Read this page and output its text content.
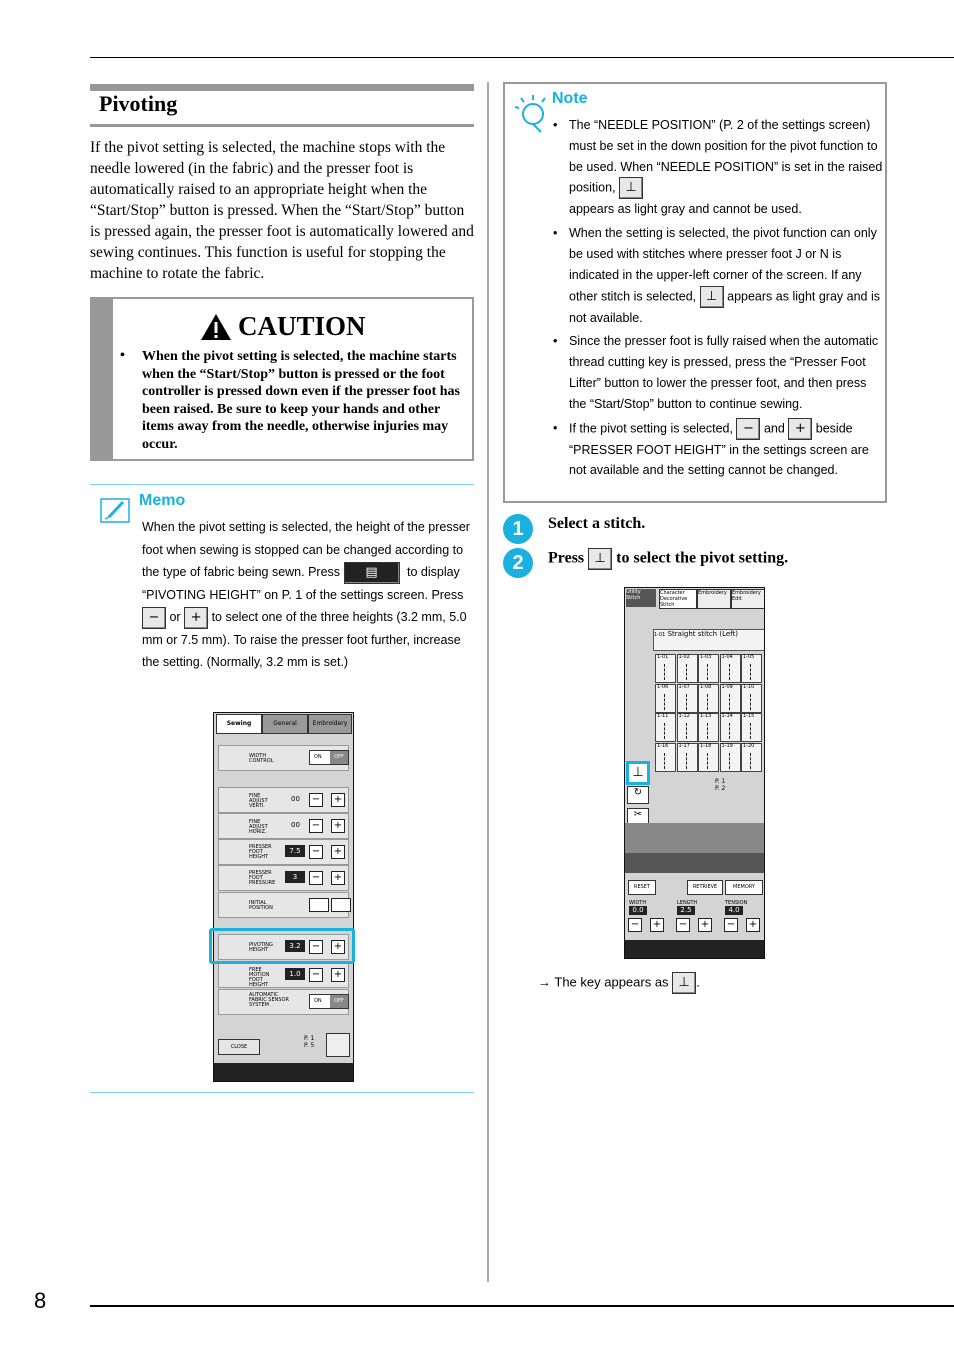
Pivoting
If the pivot setting is selected, the machine stops with the needle lowered (in the fabric) and the presser foot is automatically raised to an appropriate height when the “Start/Stop” button is pressed. When the “Start/Stop” button is pressed again, the presser foot is automatically lowered and sewing continues. This function is useful for stopping the machine to rotate the fabric.
CAUTION
• When the pivot setting is selected, the machine starts when the “Start/Stop” button is pressed or the foot controller is pressed down even if the presser foot has been raised. Be sure to keep your hands and other items away from the needle, otherwise injuries may occur.
Memo
When the pivot setting is selected, the height of the presser foot when sewing is stopped can be changed according to the type of fabric being sewn. Press ▤ to display “PIVOTING HEIGHT” on P. 1 of the settings screen. Press − or + to select one of the three heights (3.2 mm, 5.0 mm or 7.5 mm). To raise the presser foot further, increase the setting. (Normally, 3.2 mm is set.)
Sewing	General	Embroidery
WIDTH CONTROL
ON	OFF
FINE ADJUST VERTI.
00 − +
FINE ADJUST HORIZ.
00 − +
PRESSER FOOT HEIGHT
7.5	− +
PRESSER FOOT PRESSURE
3	− +
INITIAL POSITION
PIVOTING HEIGHT	3.2	− +
FREE MOTION FOOT HEIGHT
1.0	− +
AUTOMATIC FABRIC SENSOR SYSTEM
ON	OFF
CLOSE
P. 1
P. 5
Note
• The “NEEDLE POSITION” (P. 2 of the settings screen) must be set in the down position for the pivot function to be used. When “NEEDLE POSITION” is set in the raised position, ⊥
appears as light gray and cannot be used.
• When the setting is selected, the pivot function can only be used with stitches where presser foot J or N is indicated in the upper-left corner of the screen. If any other stitch is selected, ⊥ appears as light gray and is not available.
• Since the presser foot is fully raised when the automatic thread cutting key is pressed, press the “Presser Foot Lifter” button to lower the presser foot, and then press the “Start/Stop” button to continue sewing.
• If the pivot setting is selected, − and + beside “PRESSER FOOT HEIGHT” in the settings screen are not available and the setting cannot be changed.
1	Select a stitch.
2	Press ⊥ to select the pivot setting.
Utility Stitch
Character Decorative Stitch
Embroidery	Embroidery Edit
1-01 Straight stitch (Left)
1-01 1-02 1-03 1-04 1-05
1-06 1-07 1-08 1-09 1-10
1-11 1-12 1-13 1-14 1-15
1-16 1-17 1-18 1-19 1-20
⊥
↻
✂
P. 1
P. 2
RESET	RETRIEVE	MEMORY
WIDTH	LENGTH	TENSION
0.0	2.5	4.0
− + − + − +
→ The key appears as ⊥ .
8
